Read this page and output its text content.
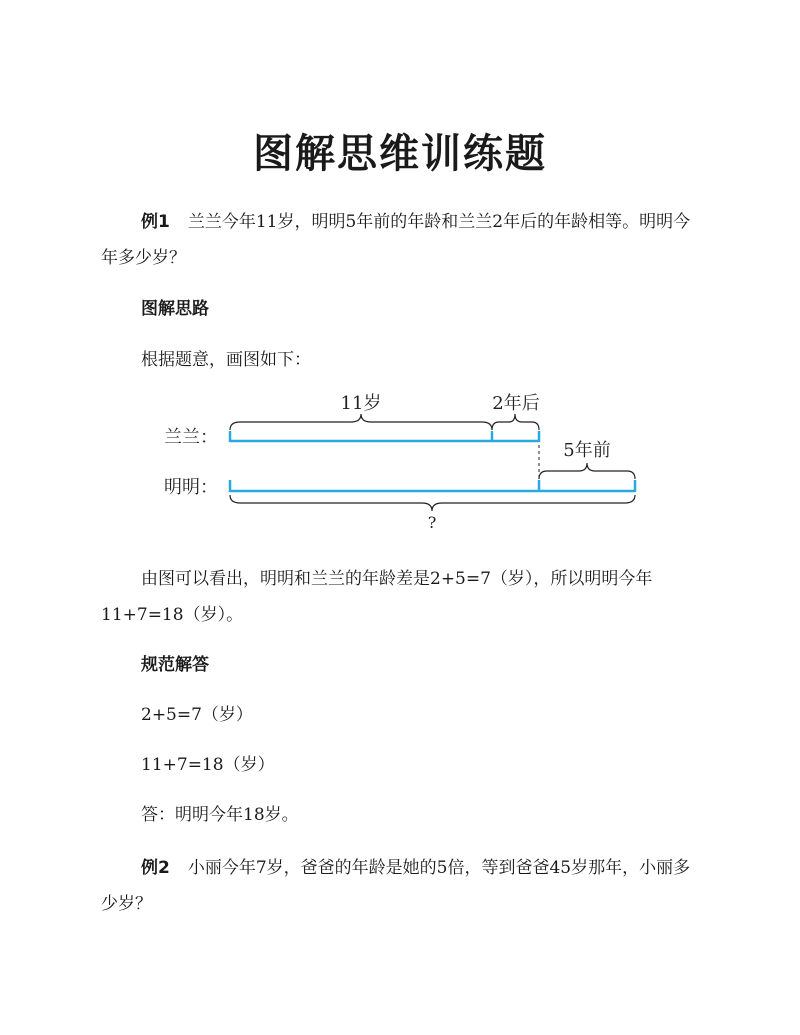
图解思维训练题
例1 兰兰今年11岁，明明5年前的年龄和兰兰2年后的年龄相等。明明今年多少岁？
图解思路
根据题意，画图如下：
兰兰：
明明：
11岁	2年后
5年前
?
由图可以看出，明明和兰兰的年龄差是2+5=7（岁），所以明明今年11+7=18（岁）。
规范解答
2+5=7（岁）
11+7=18（岁）
答：明明今年18岁。
例2 小丽今年7岁，爸爸的年龄是她的5倍，等到爸爸45岁那年，小丽多少岁？
